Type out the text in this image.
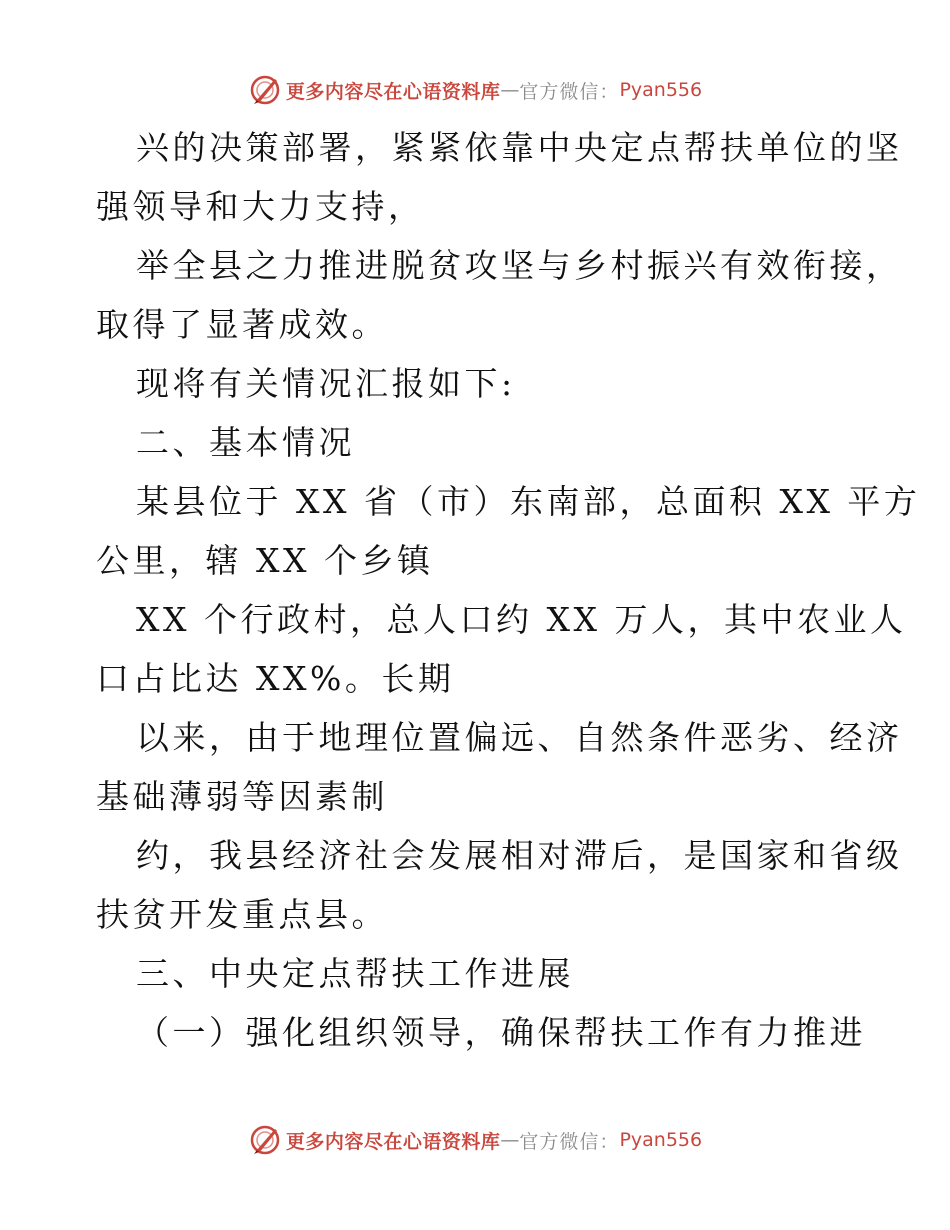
更多内容尽在心语资料库 — 官方微信： Pyan556
兴的决策部署，紧紧依靠中央定点帮扶单位的坚
强领导和大力支持，
举全县之力推进脱贫攻坚与乡村振兴有效衔接，
取得了显著成效。
现将有关情况汇报如下:
二、基本情况
某县位于 XX 省（市）东南部，总面积 XX 平方
公里，辖 XX 个乡镇
XX 个行政村，总人口约 XX 万人，其中农业人
口占比达 XX%。长期
以来，由于地理位置偏远、自然条件恶劣、经济
基础薄弱等因素制
约，我县经济社会发展相对滞后，是国家和省级
扶贫开发重点县。
三、中央定点帮扶工作进展
（一）强化组织领导，确保帮扶工作有力推进
更多内容尽在心语资料库 — 官方微信： Pyan556
